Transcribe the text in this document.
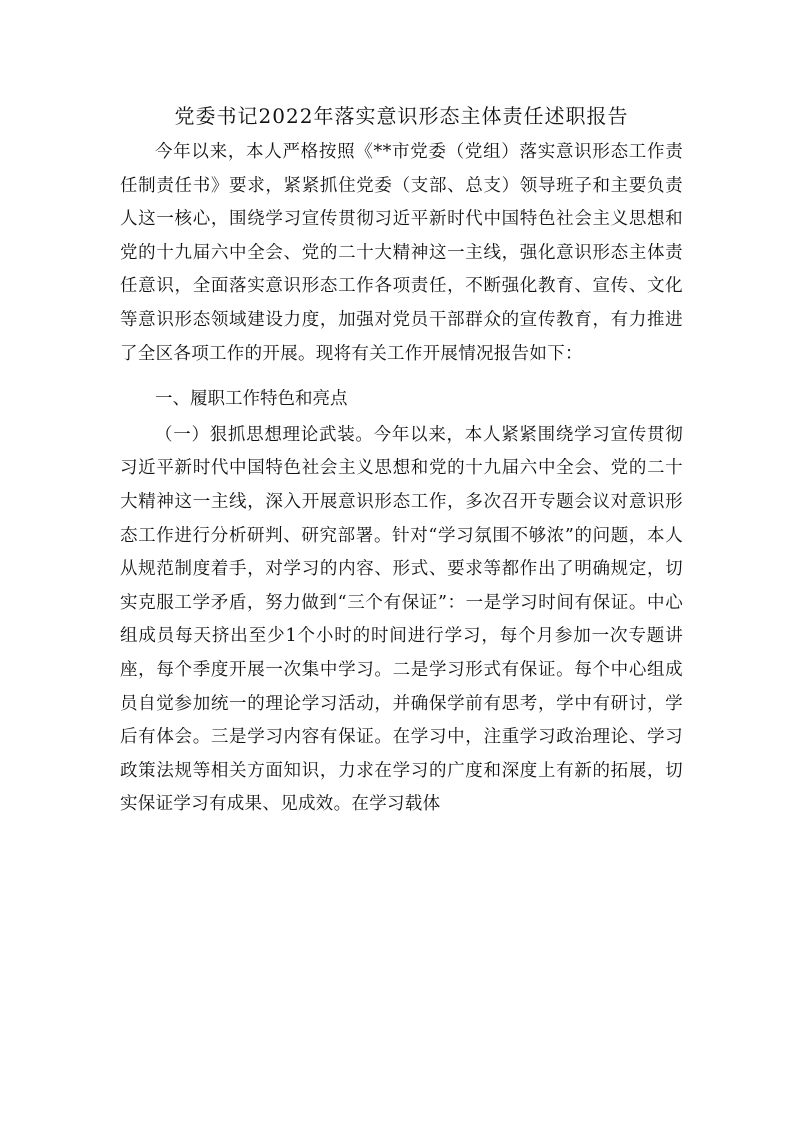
党委书记2022年落实意识形态主体责任述职报告

今年以来，本人严格按照《**市党委（党组）落实意识形态工作责任制责任书》要求，紧紧抓住党委（支部、总支）领导班子和主要负责人这一核心，围绕学习宣传贯彻习近平新时代中国特色社会主义思想和党的十九届六中全会、党的二十大精神这一主线，强化意识形态主体责任意识，全面落实意识形态工作各项责任，不断强化教育、宣传、文化等意识形态领域建设力度，加强对党员干部群众的宣传教育，有力推进了全区各项工作的开展。现将有关工作开展情况报告如下：

一、履职工作特色和亮点

（一）狠抓思想理论武装。今年以来，本人紧紧围绕学习宣传贯彻习近平新时代中国特色社会主义思想和党的十九届六中全会、党的二十大精神这一主线，深入开展意识形态工作，多次召开专题会议对意识形态工作进行分析研判、研究部署。针对“学习氛围不够浓”的问题，本人从规范制度着手，对学习的内容、形式、要求等都作出了明确规定，切实克服工学矛盾，努力做到“三个有保证”：一是学习时间有保证。中心组成员每天挤出至少1个小时的时间进行学习，每个月参加一次专题讲座，每个季度开展一次集中学习。二是学习形式有保证。每个中心组成员自觉参加统一的理论学习活动，并确保学前有思考，学中有研讨，学后有体会。三是学习内容有保证。在学习中，注重学习政治理论、学习政策法规等相关方面知识，力求在学习的广度和深度上有新的拓展，切实保证学习有成果、见成效。在学习载体
